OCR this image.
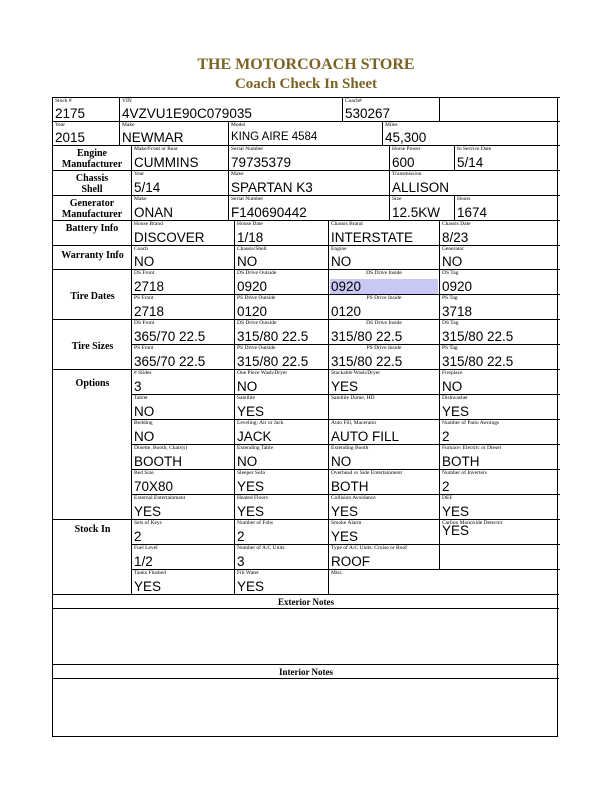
THE MOTORCOACH STORE
Coach Check In Sheet
Stock #
2175
VIN
4VZVU1E90C079035
Coach#
530267
Year
2015
Make
NEWMAR
Model
KING AIRE 4584
Miles
45,300
Engine Manufacturer
Make/Front or Rear
CUMMINS
Serial Number
79735379
Horse Power
600
In Service Date
5/14
Chassis Shell
Year
5/14
Make
SPARTAN K3
Transmission
ALLISON
Generator Manufacturer
Make
ONAN
Serial Number
F140690442
Size
12.5KW
Hours
1674
Battery Info	House Brand
DISCOVER
House Date
1/18
Chassis Brand
INTERSTATE
Chassis Date
8/23
Warranty Info
Coach
NO
Chassis/Shell
NO
Engine
NO
Generator
NO
Tire Dates
DS Front
2718
DS Drive Outside
0920
DS Drive Inside
0920
DS Tag
0920
PS Front
2718
PS Drive Outside
0120
PS Drive Inside
0120
PS Tag
3718
Tire Sizes
DS Front
365/70 22.5
DS Drive Outside
315/80 22.5
DS Drive Inside
315/80 22.5
DS Tag
315/80 22.5
PS Front
365/70 22.5
PS Drive Outside
315/80 22.5
PS Drive Inside
315/80 22.5
PS Tag
315/80 22.5
Options
# Slides
3
One Piece Wash/Dryer
NO
Stackable Wash/Dryer
YES
Fireplace
NO
Tablet
NO
Satellite
YES
Satellite Dome, HD	Dishwasher
YES
Bedding
NO
Leveling: Air or Jack
JACK
Auto Fill, Macerator
AUTO FILL
Number of Patio Awnings
2
Dinette, Booth, Chair(s)
BOOTH
Extending Table
NO
Extending Booth
NO
Furnace: Electric or Diesel
BOTH
Bed Size
70X80
Sleeper Sofa
YES
Overhead or Side Entertainment
BOTH
Number of Inverters
2
External Entertainment
YES
Heated Floors
YES
Collision Avoidance
YES
DEF
YES
Stock In
Sets of Keys
2
Number of Fobs
2
Smoke Alarm
YES
Carbon Monoxide Detector
YES
Fuel Level
1/2
Number of A/C Units
3
Type of A/C Units: Cruise or Roof
ROOF
Tanks Flushed
YES
Fill Water
YES
Misc.
Exterior Notes
Interior Notes
